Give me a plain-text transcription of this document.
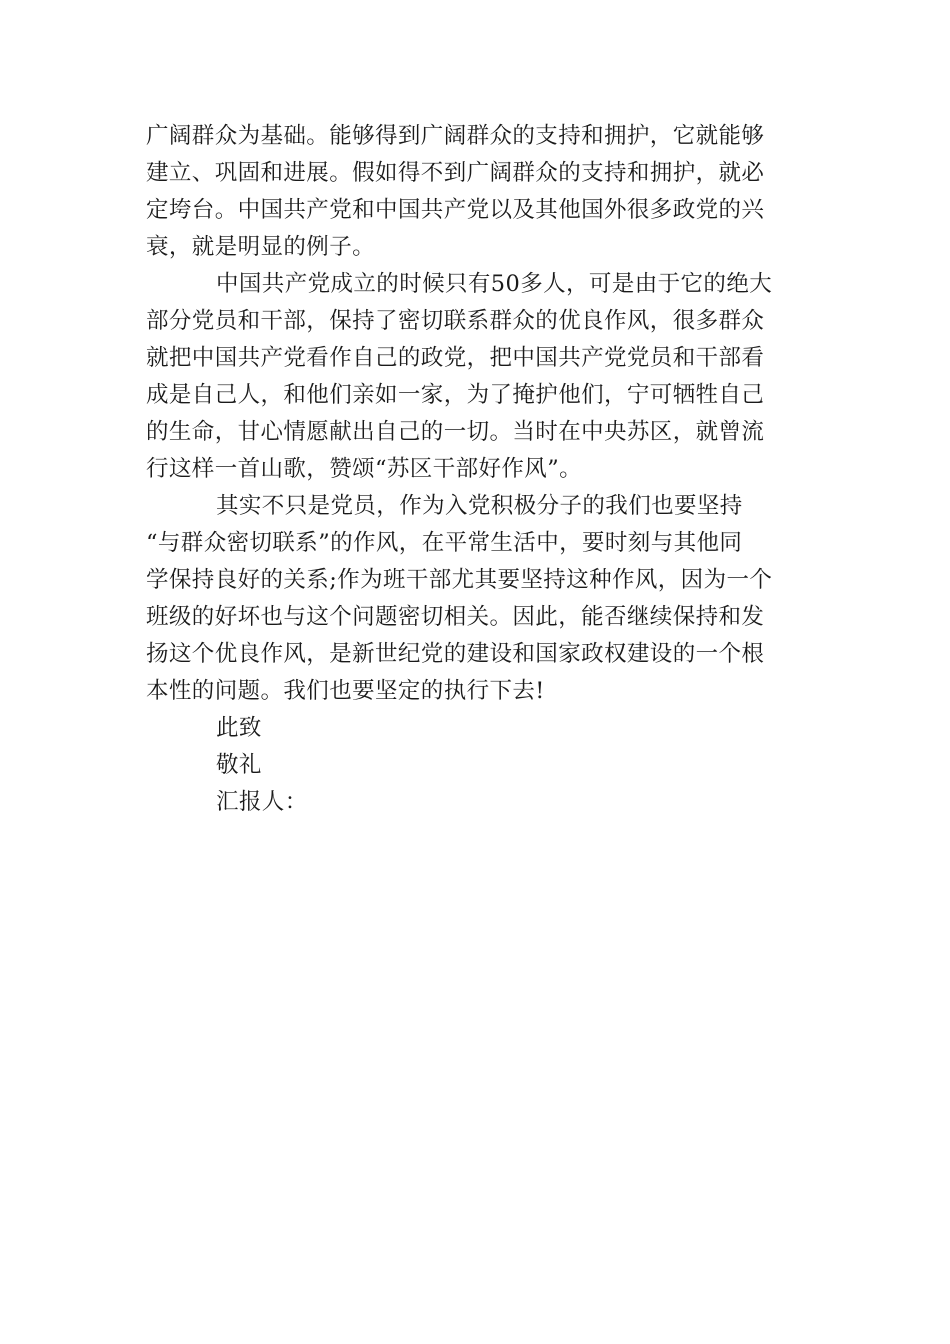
广阔群众为基础。能够得到广阔群众的支持和拥护，它就能够
建立、巩固和进展。假如得不到广阔群众的支持和拥护，就必
定垮台。中国共产党和中国共产党以及其他国外很多政党的兴
衰，就是明显的例子。
中国共产党成立的时候只有50多人，可是由于它的绝大
部分党员和干部，保持了密切联系群众的优良作风，很多群众
就把中国共产党看作自己的政党，把中国共产党党员和干部看
成是自己人，和他们亲如一家，为了掩护他们，宁可牺牲自己
的生命，甘心情愿献出自己的一切。当时在中央苏区，就曾流
行这样一首山歌，赞颂“苏区干部好作风”。
其实不只是党员，作为入党积极分子的我们也要坚持
“与群众密切联系”的作风，在平常生活中，要时刻与其他同
学保持良好的关系;作为班干部尤其要坚持这种作风，因为一个
班级的好坏也与这个问题密切相关。因此，能否继续保持和发
扬这个优良作风，是新世纪党的建设和国家政权建设的一个根
本性的问题。我们也要坚定的执行下去!
此致
敬礼
汇报人：
